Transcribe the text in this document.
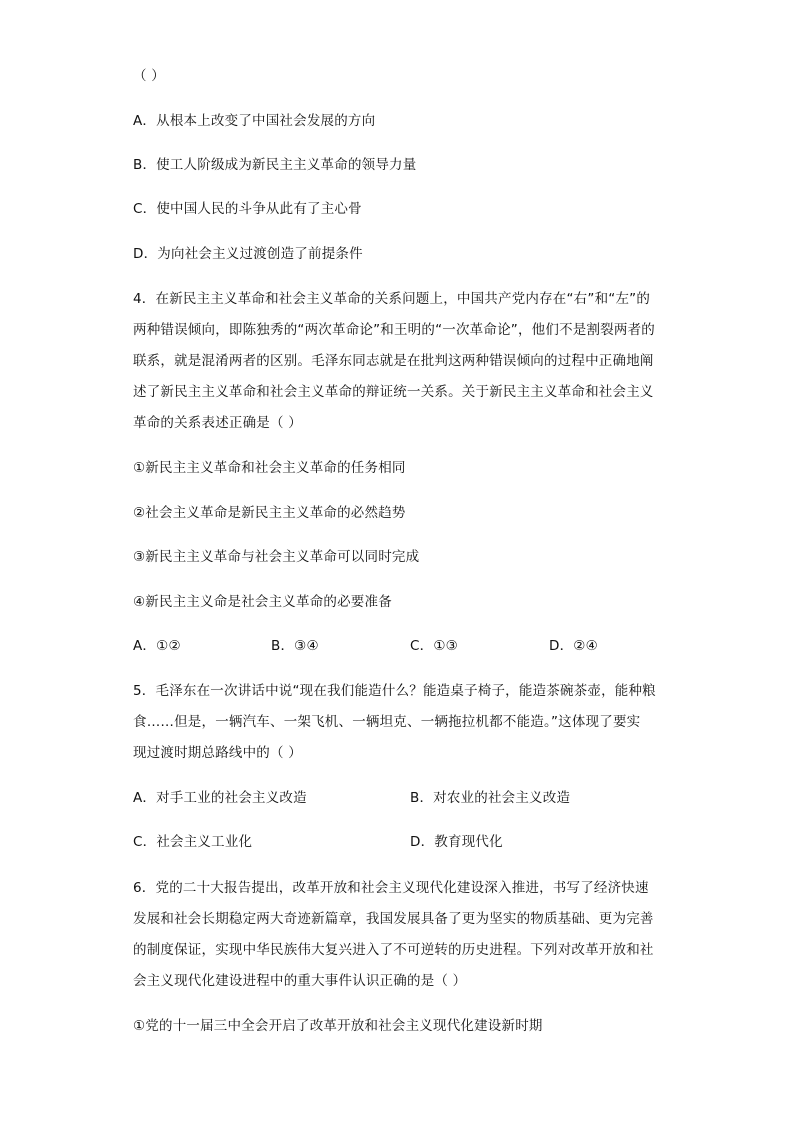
（ ）
A．从根本上改变了中国社会发展的方向
B．使工人阶级成为新民主主义革命的领导力量
C．使中国人民的斗争从此有了主心骨
D．为向社会主义过渡创造了前提条件
4．在新民主主义革命和社会主义革命的关系问题上，中国共产党内存在“右”和“左”的
两种错误倾向，即陈独秀的“两次革命论”和王明的“一次革命论”，他们不是割裂两者的
联系，就是混淆两者的区别。毛泽东同志就是在批判这两种错误倾向的过程中正确地阐
述了新民主主义革命和社会主义革命的辩证统一关系。关于新民主主义革命和社会主义
革命的关系表述正确是（ ）
①新民主主义革命和社会主义革命的任务相同
②社会主义革命是新民主主义革命的必然趋势
③新民主主义革命与社会主义革命可以同时完成
④新民主主义命是社会主义革命的必要准备
A．①②	B．③④	C．①③	D．②④
5．毛泽东在一次讲话中说“现在我们能造什么？能造桌子椅子，能造茶碗茶壶，能种粮
食……但是，一辆汽车、一架飞机、一辆坦克、一辆拖拉机都不能造。”这体现了要实
现过渡时期总路线中的（ ）
A．对手工业的社会主义改造	B．对农业的社会主义改造
C．社会主义工业化	D．教育现代化
6．党的二十大报告提出，改革开放和社会主义现代化建设深入推进，书写了经济快速
发展和社会长期稳定两大奇迹新篇章，我国发展具备了更为坚实的物质基础、更为完善
的制度保证，实现中华民族伟大复兴进入了不可逆转的历史进程。下列对改革开放和社
会主义现代化建设进程中的重大事件认识正确的是（ ）
①党的十一届三中全会开启了改革开放和社会主义现代化建设新时期
